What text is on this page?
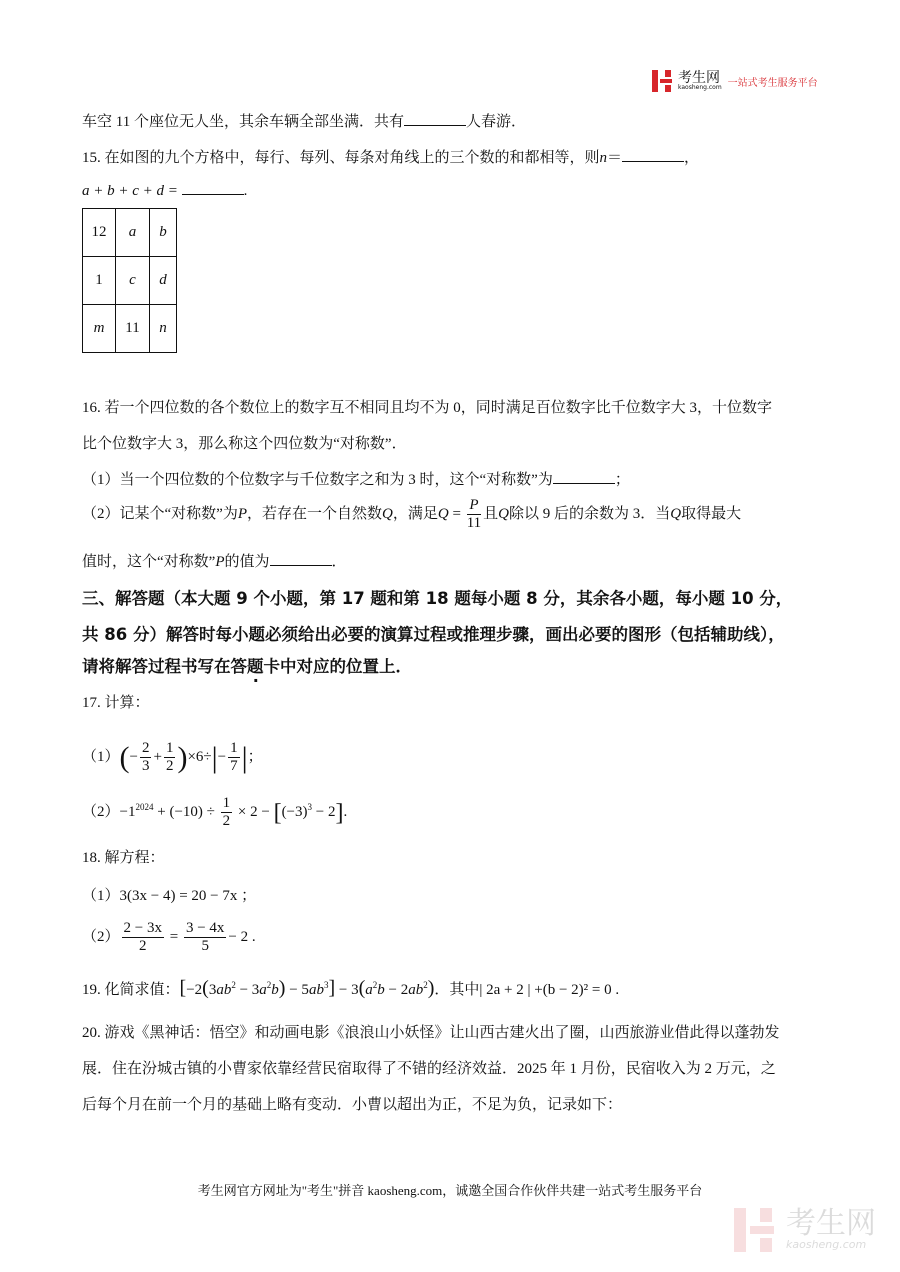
考生网
kaosheng.com 一站式考生服务平台
车空 11 个座位无人坐，其余车辆全部坐满．共有	人春游．
15. 在如图的九个方格中，每行、每列、每条对角线上的三个数的和都相等，则n＝	，
a + b + c + d =	.
12	a	b
1	c	d
m	11	n
16. 若一个四位数的各个数位上的数字互不相同且均不为 0，同时满足百位数字比千位数字大 3，十位数字
比个位数字大 3，那么称这个四位数为“对称数”．
（1）当一个四位数的个位数字与千位数字之和为 3 时，这个“对称数”为	；
（2）记某个“对称数”为P，若存在一个自然数Q，满足$Q = \frac{P}{11}$ 且Q除以 9 后的余数为 3．当Q取得最大
值时，这个“对称数”P的值为	．
三、解答题（本大题 9 个小题，第 17 题和第 18 题每小题 8 分，其余各小题，每小题 10 分，
共 86 分）解答时每小题必须给出必要的演算过程或推理步骤，画出必要的图形（包括辅助线），
请将解答过程书写在答题卡中对应的位置上．
17. 计算：
$(1)(- \frac{2}{3} + \frac{1}{2} )\times 6\div|- \frac{1}{7}$ |；
$(2)-1^{2024} + (-10) \div \frac{1}{2} \times 2 - [(-3)^3 - 2]$.
18. 解方程：
（1）3(3x − 4) = 20 − 7x ；
$(2) \frac{2 - 3x}{2} = \frac{3 - 4x}{5} - 2$ .
19. 化简求值：$[-2(3ab^2 - 3a^2b) - 5ab^3] - 3(a^2b - 2ab^2)$．其中| 2a + 2 | +(b − 2)² = 0 .
20. 游戏《黑神话：悟空》和动画电影《浪浪山小妖怪》让山西古建火出了圈，山西旅游业借此得以蓬勃发
展．住在汾城古镇的小曹家依靠经营民宿取得了不错的经济效益．2025 年 1 月份，民宿收入为 2 万元，之
后每个月在前一个月的基础上略有变动．小曹以超出为正，不足为负，记录如下：
考生网官方网址为"考生"拼音 kaosheng.com，诚邀全国合作伙伴共建一站式考生服务平台
考生网
kaosheng.com
